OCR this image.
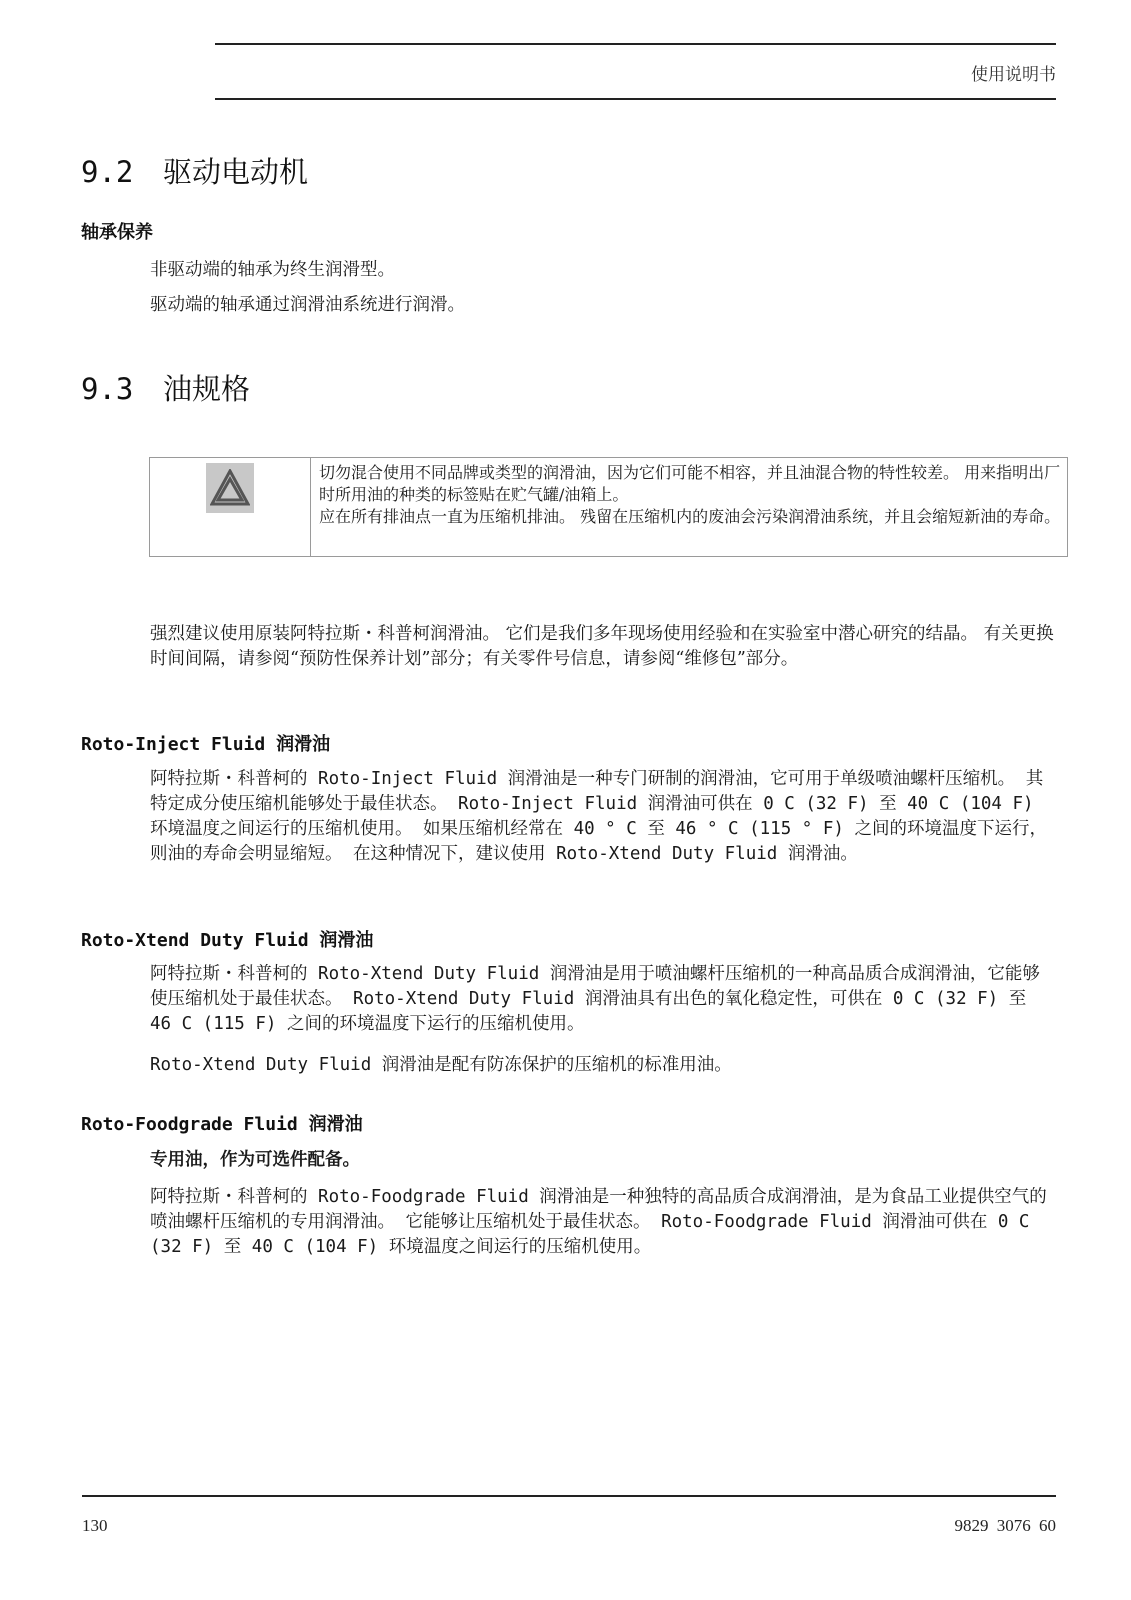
使用说明书
9.2 驱动电动机
轴承保养

非驱动端的轴承为终生润滑型。

驱动端的轴承通过润滑油系统进行润滑。

9.3 油规格

切勿混合使用不同品牌或类型的润滑油，因为它们可能不相容，并且油混合物的特性较差。 用来指明出厂时所用油的种类的标签贴在贮气罐/油箱上。

应在所有排油点一直为压缩机排油。 残留在压缩机内的废油会污染润滑油系统，并且会缩短新油的寿命。

强烈建议使用原装阿特拉斯・科普柯润滑油。 它们是我们多年现场使用经验和在实验室中潜心研究的结晶。 有关更换时间间隔，请参阅“预防性保养计划”部分；有关零件号信息，请参阅“维修包”部分。

Roto-Inject Fluid 润滑油

阿特拉斯・科普柯的 Roto-Inject Fluid 润滑油是一种专门研制的润滑油，它可用于单级喷油螺杆压缩机。 其特定成分使压缩机能够处于最佳状态。 Roto-Inject Fluid 润滑油可供在 0 C (32 F) 至 40 C (104 F) 环境温度之间运行的压缩机使用。 如果压缩机经常在 40 ° C 至 46 ° C (115 ° F) 之间的环境温度下运行，则油的寿命会明显缩短。 在这种情况下，建议使用 Roto-Xtend Duty Fluid 润滑油。

Roto-Xtend Duty Fluid 润滑油

阿特拉斯・科普柯的 Roto-Xtend Duty Fluid 润滑油是用于喷油螺杆压缩机的一种高品质合成润滑油，它能够使压缩机处于最佳状态。 Roto-Xtend Duty Fluid 润滑油具有出色的氧化稳定性，可供在 0 C (32 F) 至 46 C (115 F) 之间的环境温度下运行的压缩机使用。

Roto-Xtend Duty Fluid 润滑油是配有防冻保护的压缩机的标准用油。

Roto-Foodgrade Fluid 润滑油

专用油，作为可选件配备。

阿特拉斯・科普柯的 Roto-Foodgrade Fluid 润滑油是一种独特的高品质合成润滑油，是为食品工业提供空气的喷油螺杆压缩机的专用润滑油。 它能够让压缩机处于最佳状态。 Roto-Foodgrade Fluid 润滑油可供在 0 C (32 F) 至 40 C (104 F) 环境温度之间运行的压缩机使用。

130	9829 3076 60
